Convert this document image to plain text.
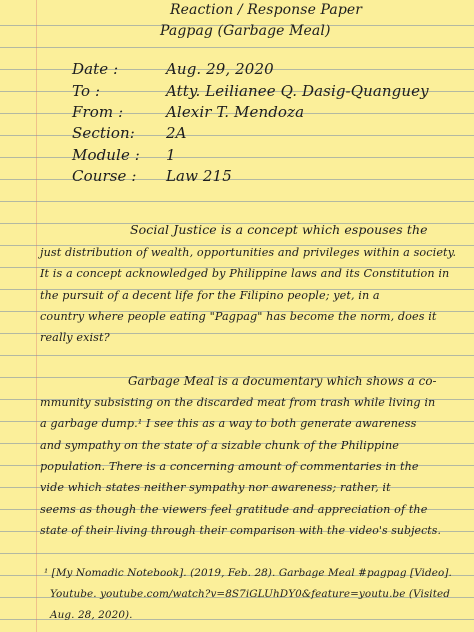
Reaction / Response Paper
Pagpag (Garbage Meal)
Date :	Aug. 29, 2020
To :	Atty. Leilianee Q. Dasig-Quanguey
From :	Alexir T. Mendoza
Section: 2A
Module : 1
Course : Law 215
Social Justice is a concept which espouses the
just distribution of wealth, opportunities and privileges within a society.
It is a concept acknowledged by Philippine laws and its Constitution in
the pursuit of a decent life for the Filipino people; yet, in a
country where people eating "Pagpag" has become the norm, does it
really exist?
Garbage Meal is a documentary which shows a co-
mmunity subsisting on the discarded meat from trash while living in
a garbage dump.¹ I see this as a way to both generate awareness
and sympathy on the state of a sizable chunk of the Philippine
population. There is a concerning amount of commentaries in the
vide which states neither sympathy nor awareness; rather, it
seems as though the viewers feel gratitude and appreciation of the
state of their living through their comparison with the video's subjects.
¹ [My Nomadic Notebook]. (2019, Feb. 28). Garbage Meal #pagpag [Video].
Youtube. youtube.com/watch?v=8S7iGLUhDY0&feature=youtu.be (Visited
Aug. 28, 2020).
